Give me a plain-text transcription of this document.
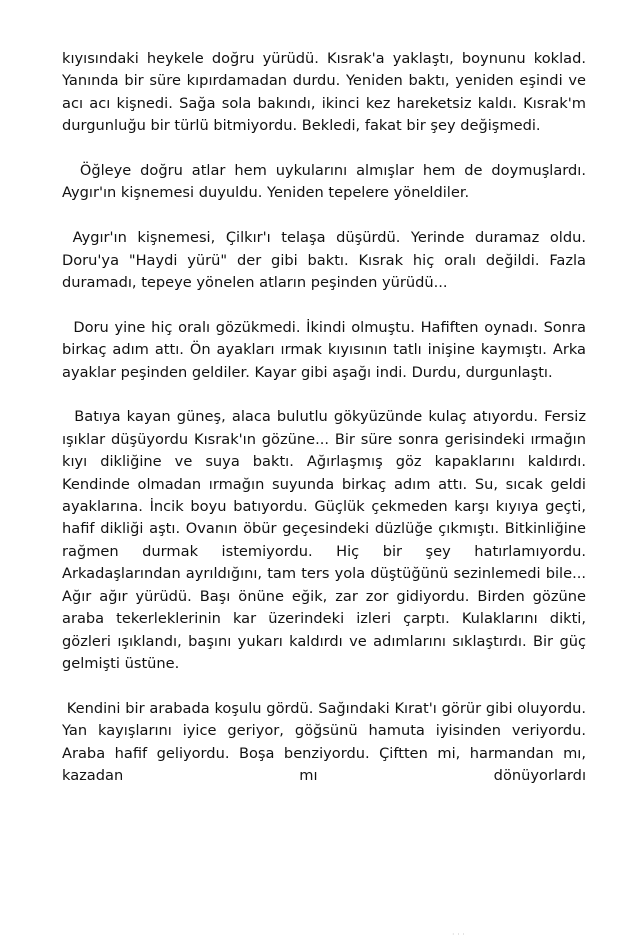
kıyısındaki heykele doğru yürüdü. Kısrak'a yaklaştı, boynunu koklad. Yanında bir süre kıpırdamadan durdu. Yeniden baktı, yeniden eşindi ve acı acı kişnedi. Sağa sola bakındı, ikinci kez hareketsiz kaldı. Kısrak'm durgunluğu bir türlü bitmiyordu. Bekledi, fakat bir şey değişmedi.

Öğleye doğru atlar hem uykularını almışlar hem de doymuşlardı. Aygır'ın kişnemesi duyuldu. Yeniden tepelere yöneldiler.

Aygır'ın kişnemesi, Çilkır'ı telaşa düşürdü. Yerinde duramaz oldu. Doru'ya "Haydi yürü" der gibi baktı. Kısrak hiç oralı değildi. Fazla duramadı, tepeye yönelen atların peşinden yürüdü...

Doru yine hiç oralı gözükmedi. İkindi olmuştu. Hafiften oynadı. Sonra birkaç adım attı. Ön ayakları ırmak kıyısının tatlı inişine kaymıştı. Arka ayaklar peşinden geldiler. Kayar gibi aşağı indi. Durdu, durgunlaştı.

Batıya kayan güneş, alaca bulutlu gökyüzünde kulaç atıyordu. Fersiz ışıklar düşüyordu Kısrak'ın gözüne... Bir süre sonra gerisindeki ırmağın kıyı dikliğine ve suya baktı. Ağırlaşmış göz kapaklarını kaldırdı. Kendinde olmadan ırmağın suyunda birkaç adım attı. Su, sıcak geldi ayaklarına. İncik boyu batıyordu. Güçlük çekmeden karşı kıyıya geçti, hafif dikliği aştı. Ovanın öbür geçesindeki düzlüğe çıkmıştı. Bitkinliğine rağmen durmak istemiyordu. Hiç bir şey hatırlamıyordu. Arkadaşlarından ayrıldığını, tam ters yola düştüğünü sezinlemedi bile... Ağır ağır yürüdü. Başı önüne eğik, zar zor gidiyordu. Birden gözüne araba tekerleklerinin kar üzerindeki izleri çarptı. Kulaklarını dikti, gözleri ışıklandı, başını yukarı kaldırdı ve adımlarını sıklaştırdı. Bir güç gelmişti üstüne.

Kendini bir arabada koşulu gördü. Sağındaki Kırat'ı görür gibi oluyordu. Yan kayışlarını iyice geriyor, göğsünü hamuta iyisinden veriyordu. Araba hafif geliyordu. Boşa benziyordu. Çiftten mi, harmandan mı, kazadan mı dönüyorlardı

· · ·
